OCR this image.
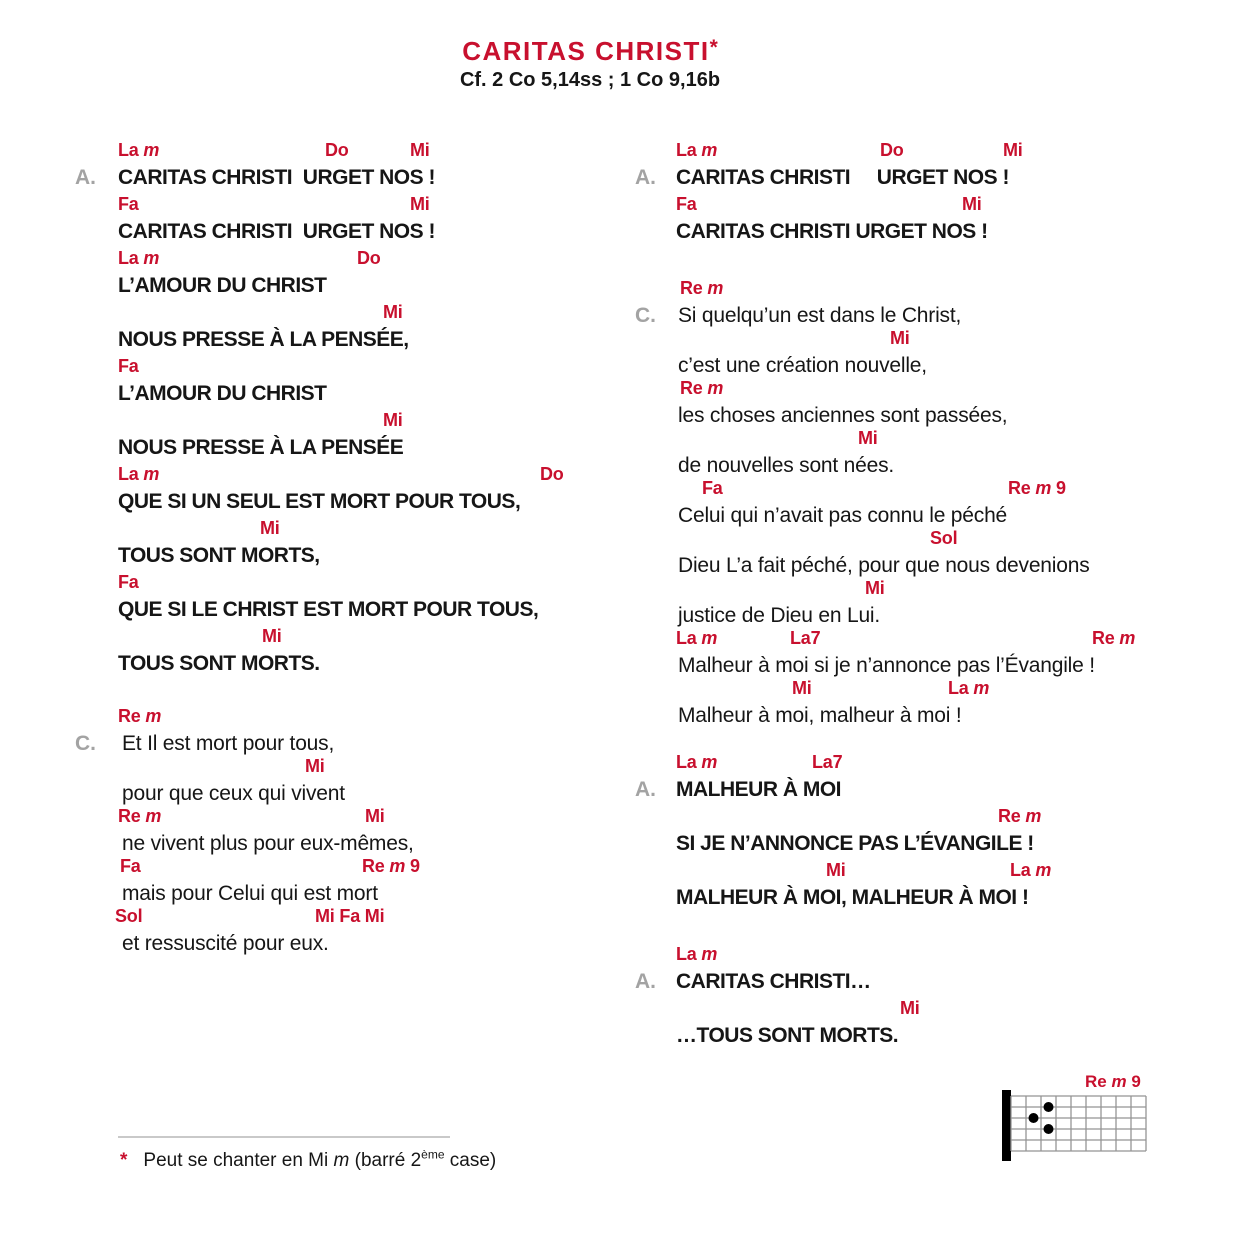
CARITAS CHRISTI*
Cf. 2 Co 5,14ss ; 1 Co 9,16b
La m	Do	Mi
A. CARITAS CHRISTI  URGET NOS !
Fa	Mi
CARITAS CHRISTI  URGET NOS !
La m	Do
L’AMOUR DU CHRIST
Mi
NOUS PRESSE À LA PENSÉE,
Fa
L’AMOUR DU CHRIST
Mi
NOUS PRESSE À LA PENSÉE
La m	Do
QUE SI UN SEUL EST MORT POUR TOUS,
Mi
TOUS SONT MORTS,
Fa
QUE SI LE CHRIST EST MORT POUR TOUS,
Mi
TOUS SONT MORTS.
Re m
C. Et Il est mort pour tous,
Mi
pour que ceux qui vivent
Re m	Mi
ne vivent plus pour eux-mêmes,
Fa	Re m 9
mais pour Celui qui est mort
Sol	Mi Fa Mi
et ressuscité pour eux.
La m	Do	Mi
A. CARITAS CHRISTI     URGET NOS !
Fa	Mi
CARITAS CHRISTI URGET NOS !
Re m
C. Si quelqu’un est dans le Christ,
Mi
c’est une création nouvelle,
Re m
les choses anciennes sont passées,
Mi
de nouvelles sont nées.
Fa	Re m 9
Celui qui n’avait pas connu le péché
Sol
Dieu L’a fait péché, pour que nous devenions
Mi
justice de Dieu en Lui.
La m	La7	Re m
Malheur à moi si je n’annonce pas l’Évangile !
Mi	La m
Malheur à moi, malheur à moi !
La m	La7
A. MALHEUR À MOI
Re m
SI JE N’ANNONCE PAS L’ÉVANGILE !
Mi	La m
MALHEUR À MOI, MALHEUR À MOI !
La m
A. CARITAS CHRISTI…
Mi
…TOUS SONT MORTS.
* Peut se chanter en Mi m (barré 2ème case)
Re m 9
